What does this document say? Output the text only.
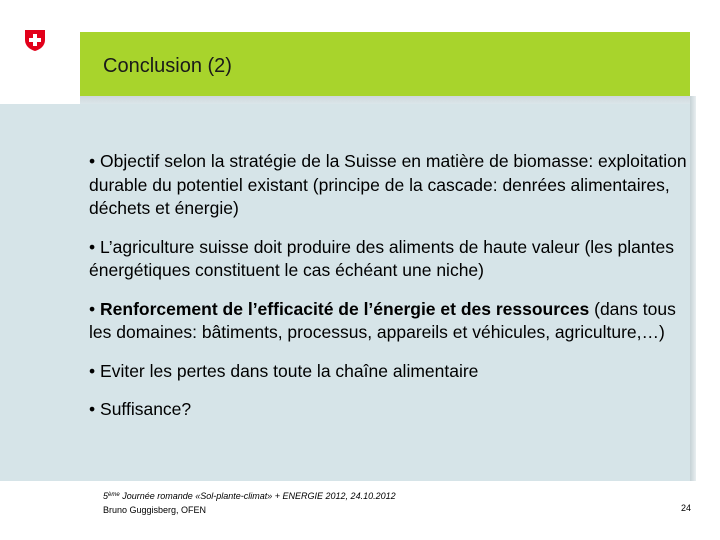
Conclusion (2)
• Objectif selon la stratégie de la Suisse en matière de biomasse: exploitation durable du potentiel existant (principe de la cascade: denrées alimentaires, déchets et énergie)
• L’agriculture suisse doit produire des aliments de haute valeur (les plantes énergétiques constituent le cas échéant une niche)
• Renforcement de l’efficacité de l’énergie et des ressources (dans tous les domaines: bâtiments, processus, appareils et véhicules, agriculture,…)
• Eviter les pertes dans toute la chaîne alimentaire
• Suffisance?
5ème Journée romande «Sol-plante-climat» + ENERGIE 2012, 24.10.2012
Bruno Guggisberg, OFEN	24
